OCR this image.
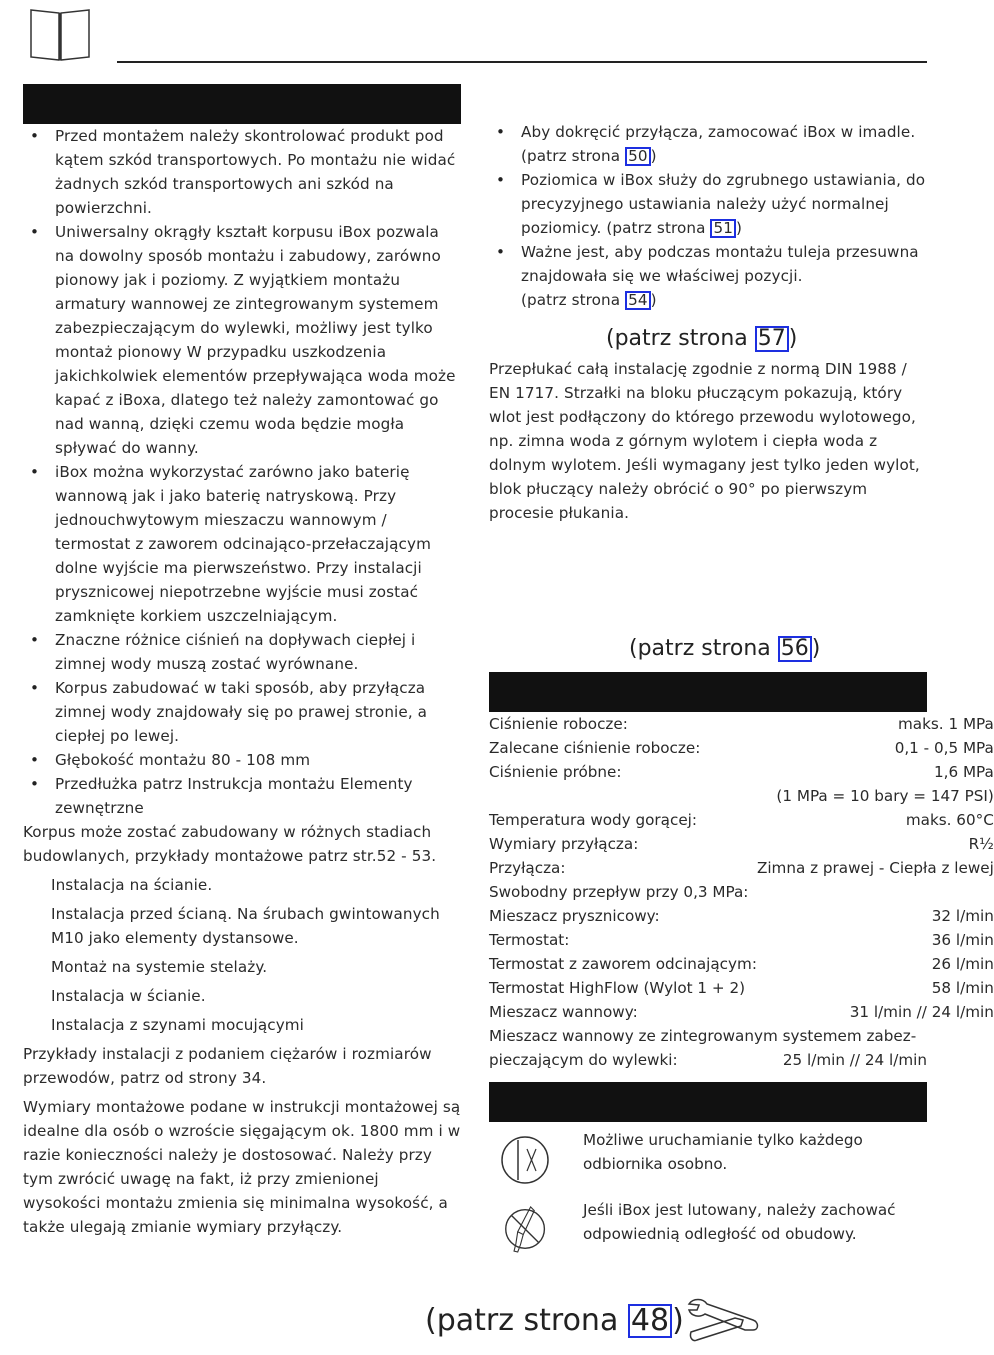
• Przed montażem należy skontrolować produkt pod kątem szkód transportowych. Po montażu nie widać żadnych szkód transportowych ani szkód na powierzchni.
• Uniwersalny okrągły kształt korpusu iBox pozwala na dowolny sposób montażu i zabudowy, zarówno pionowy jak i poziomy. Z wyjątkiem montażu armatury wannowej ze zintegrowanym systemem zabezpieczającym do wylewki, możliwy jest tylko montaż pionowy W przypadku uszkodzenia jakichkolwiek elementów przepływająca woda może kapać z iBoxa, dlatego też należy zamontować go nad wanną, dzięki czemu woda będzie mogła spływać do wanny.
• iBox można wykorzystać zarówno jako baterię wannową jak i jako baterię natryskową. Przy jednouchwytowym mieszaczu wannowym / termostat z zaworem odcinająco-przełaczającym dolne wyjście ma pierwszeństwo. Przy instalacji prysznicowej niepotrzebne wyjście musi zostać zamknięte korkiem uszczelniającym.
• Znaczne różnice ciśnień na dopływach ciepłej i zimnej wody muszą zostać wyrównane.
• Korpus zabudować w taki sposób, aby przyłącza zimnej wody znajdowały się po prawej stronie, a ciepłej po lewej.
• Głębokość montażu 80 - 108 mm
• Przedłużka patrz Instrukcja montażu Elementy zewnętrzne

Korpus może zostać zabudowany w różnych stadiach budowlanych, przykłady montażowe patrz str.52 - 53.

Instalacja na ścianie.

Instalacja przed ścianą. Na śrubach gwintowanych M10 jako elementy dystansowe.

Montaż na systemie stelaży.

Instalacja w ścianie.

Instalacja z szynami mocującymi

Przykłady instalacji z podaniem ciężarów i rozmiarów przewodów, patrz od strony 34.

Wymiary montażowe podane w instrukcji montażowej są idealne dla osób o wzroście sięgającym ok. 1800 mm i w razie konieczności należy je dostosować. Należy przy tym zwrócić uwagę na fakt, iż przy zmienionej wysokości montażu zmienia się minimalna wysokość, a także ulegają zmianie wymiary przyłączy.

• Aby dokręcić przyłącza, zamocować iBox w imadle. (patrz strona 50 )
• Poziomica w iBox służy do zgrubnego ustawiania, do precyzyjnego ustawiania należy użyć normalnej poziomicy. (patrz strona 51 )
• Ważne jest, aby podczas montażu tuleja przesuwna znajdowała się we właściwej pozycji.
(patrz strona 54 )
(patrz strona 57 )

Przepłukać całą instalację zgodnie z normą DIN 1988 / EN 1717. Strzałki na bloku płuczącym pokazują, który wlot jest podłączony do którego przewodu wylotowego, np. zimna woda z górnym wylotem i ciepła woda z dolnym wylotem. Jeśli wymagany jest tylko jeden wylot, blok płuczący należy obrócić o 90° po pierwszym procesie płukania.

(patrz strona 56 )
Ciśnienie robocze:	maks. 1 MPa
Zalecane ciśnienie robocze:	0,1 - 0,5 MPa
Ciśnienie próbne:	1,6 MPa
	(1 MPa = 10 bary = 147 PSI)
Temperatura wody gorącej:	maks. 60°C
Wymiary przyłącza:	R½
Przyłącza:	Zimna z prawej - Ciepła z lewej
Swobodny przepływ przy 0,3 MPa:	
Mieszacz prysznicowy:	32 l/min
Termostat:	36 l/min
Termostat z zaworem odcinającym:	26 l/min
Termostat HighFlow (Wylot 1 + 2)	58 l/min
Mieszacz wannowy:	31 l/min // 24 l/min
Mieszacz wannowy ze zintegrowanym systemem zabez-
pieczającym do wylewki:	25 l/min // 24 l/min

Możliwe uruchamianie tylko każdego odbiornika osobno.

Jeśli iBox jest lutowany, należy zachować odpowiednią odległość od obudowy.

(patrz strona 48 )
